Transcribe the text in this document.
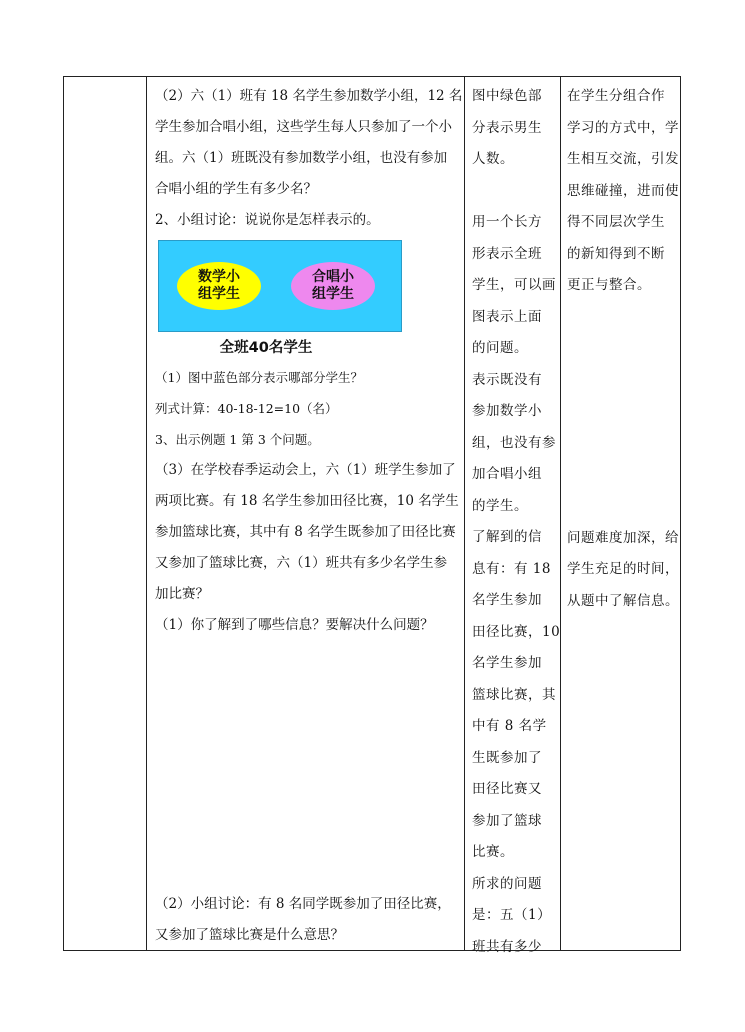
（2）六（1）班有 18 名学生参加数学小组，12 名
学生参加合唱小组，这些学生每人只参加了一个小
组。六（1）班既没有参加数学小组，也没有参加
合唱小组的学生有多少名？
2、小组讨论：说说你是怎样表示的。
数学小
组学生
合唱小
组学生
全班40名学生
（1）图中蓝色部分表示哪部分学生？
列式计算：40-18-12=10（名）
3、出示例题 1 第 3 个问题。
（3）在学校春季运动会上，六（1）班学生参加了
两项比赛。有 18 名学生参加田径比赛，10 名学生
参加篮球比赛，其中有 8 名学生既参加了田径比赛
又参加了篮球比赛，六（1）班共有多少名学生参
加比赛？
（1）你了解到了哪些信息？要解决什么问题？
（2）小组讨论：有 8 名同学既参加了田径比赛，
又参加了篮球比赛是什么意思？
图中绿色部
分表示男生
人数。

用一个长方
形表示全班
学生，可以画
图表示上面
的问题。
表示既没有
参加数学小
组，也没有参
加合唱小组
的学生。
了解到的信
息有：有 18
名学生参加
田径比赛，10
名学生参加
篮球比赛，其
中有 8 名学
生既参加了
田径比赛又
参加了篮球
比赛。
所求的问题
是：五（1）
班共有多少
在学生分组合作
学习的方式中，学
生相互交流，引发
思维碰撞，进而使
得不同层次学生
的新知得到不断
更正与整合。
问题难度加深，给
学生充足的时间，
从题中了解信息。
